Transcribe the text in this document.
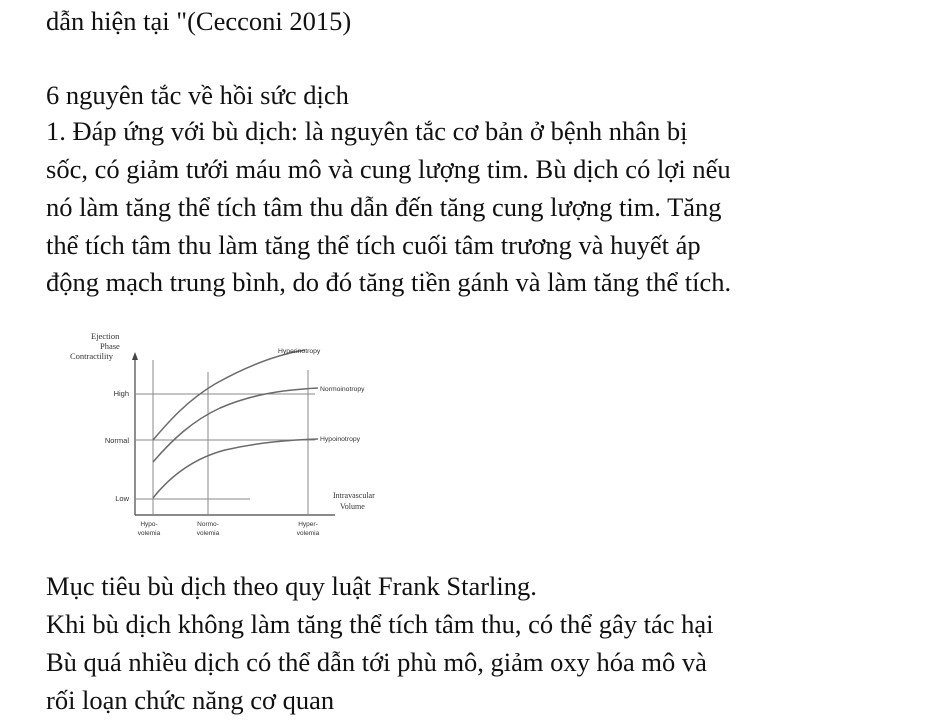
dẫn hiện tại "(Cecconi 2015)
6 nguyên tắc về hồi sức dịch
1. Đáp ứng với bù dịch: là nguyên tắc cơ bản ở bệnh nhân bị
sốc, có giảm tưới máu mô và cung lượng tim. Bù dịch có lợi nếu
nó làm tăng thể tích tâm thu dẫn đến tăng cung lượng tim. Tăng
thể tích tâm thu làm tăng thể tích cuối tâm trương và huyết áp
động mạch trung bình, do đó tăng tiền gánh và làm tăng thể tích.
Ejection
Phase
Contractility
High
Normal
Low
Hyperinotropy
Normoinotropy
Hypoinotropy
Intravascular
Volume
Hypo-
volemia
Normo-
volemia
Hyper-
volemia
Mục tiêu bù dịch theo quy luật Frank Starling.
Khi bù dịch không làm tăng thể tích tâm thu, có thể gây tác hại
Bù quá nhiều dịch có thể dẫn tới phù mô, giảm oxy hóa mô và
rối loạn chức năng cơ quan
